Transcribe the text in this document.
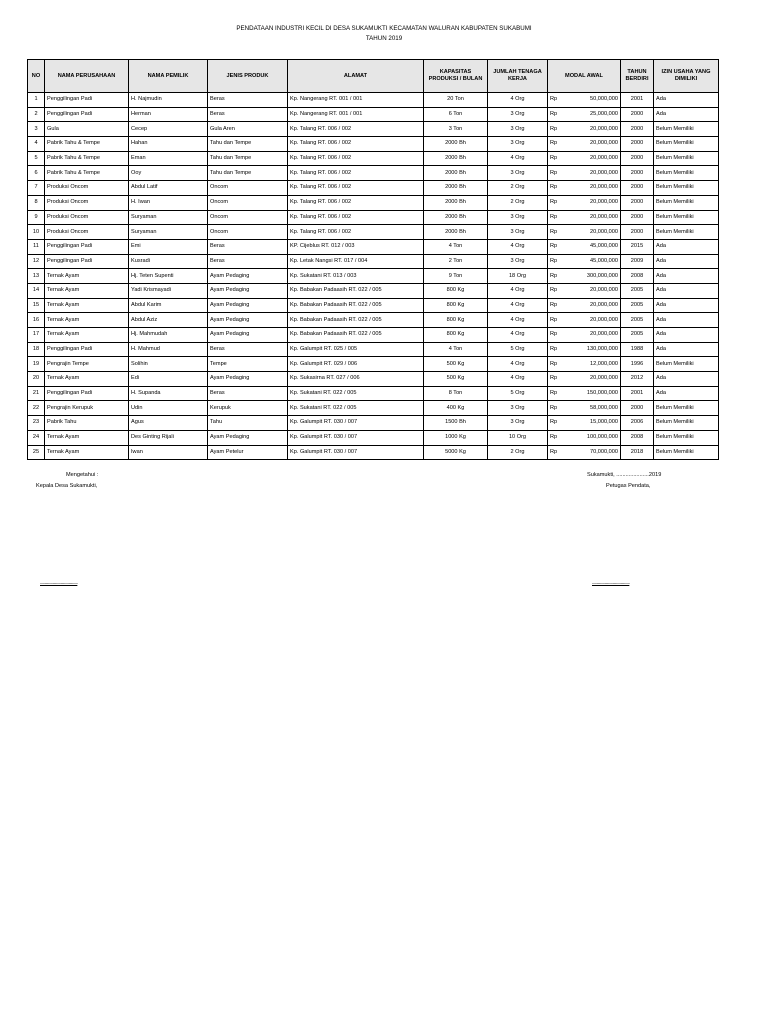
PENDATAAN INDUSTRI KECIL DI DESA SUKAMUKTI KECAMATAN WALURAN KABUPATEN SUKABUMI
TAHUN 2019
NO	NAMA PERUSAHAAN	NAMA PEMILIK	JENIS PRODUK	ALAMAT	KAPASITAS PRODUKSI / BULAN	JUMLAH TENAGA KERJA	MODAL AWAL	TAHUN BERDIRI	IZIN USAHA YANG DIMILIKI
1	Penggilingan Padi	H. Najmudin	Beras	Kp. Nangerang RT. 001 / 001	20 Ton	4 Org	Rp 50,000,000	2001	Ada
2	Penggilingan Padi	Herman	Beras	Kp. Nangerang RT. 001 / 001	6 Ton	3 Org	Rp 25,000,000	2000	Ada
3	Gula	Cecep	Gula Aren	Kp. Talang RT. 006 / 002	3 Ton	3 Org	Rp 20,000,000	2000	Belum Memiliki
4	Pabrik Tahu & Tempe	Hahan	Tahu dan Tempe	Kp. Talang RT. 006 / 002	2000 Bh	3 Org	Rp 20,000,000	2000	Belum Memiliki
5	Pabrik Tahu & Tempe	Eman	Tahu dan Tempe	Kp. Talang RT. 006 / 002	2000 Bh	4 Org	Rp 20,000,000	2000	Belum Memiliki
6	Pabrik Tahu & Tempe	Ooy	Tahu dan Tempe	Kp. Talang RT. 006 / 002	2000 Bh	3 Org	Rp 20,000,000	2000	Belum Memiliki
7	Produksi Oncom	Abdul Latif	Oncom	Kp. Talang RT. 006 / 002	2000 Bh	2 Org	Rp 20,000,000	2000	Belum Memiliki
8	Produksi Oncom	H. Iwan	Oncom	Kp. Talang RT. 006 / 002	2000 Bh	2 Org	Rp 20,000,000	2000	Belum Memiliki
9	Produksi Oncom	Suryaman	Oncom	Kp. Talang RT. 006 / 002	2000 Bh	3 Org	Rp 20,000,000	2000	Belum Memiliki
10	Produksi Oncom	Suryaman	Oncom	Kp. Talang RT. 006 / 002	2000 Bh	3 Org	Rp 20,000,000	2000	Belum Memiliki
11	Penggilingan Padi	Emi	Beras	KP. Cijeblus RT. 012 / 003	4 Ton	4 Org	Rp 45,000,000	2015	Ada
12	Penggilingan Padi	Kusradi	Beras	Kp. Letak Nangsi RT. 017 / 004	2 Ton	3 Org	Rp 45,000,000	2009	Ada
13	Ternak Ayam	Hj. Teten Supenti	Ayam Pedaging	Kp. Sukatani RT. 013 / 003	9 Ton	18 Org	Rp 300,000,000	2008	Ada
14	Ternak Ayam	Yadi Krismayadi	Ayam Pedaging	Kp. Babakan Padaasih RT. 022 / 005	800 Kg	4 Org	Rp 20,000,000	2005	Ada
15	Ternak Ayam	Abdul Karim	Ayam Pedaging	Kp. Babakan Padaasih RT. 022 / 005	800 Kg	4 Org	Rp 20,000,000	2005	Ada
16	Ternak Ayam	Abdul Aziz	Ayam Pedaging	Kp. Babakan Padaasih RT. 022 / 005	800 Kg	4 Org	Rp 20,000,000	2005	Ada
17	Ternak Ayam	Hj. Mahmudah	Ayam Pedaging	Kp. Babakan Padaasih RT. 022 / 005	800 Kg	4 Org	Rp 20,000,000	2005	Ada
18	Penggilingan Padi	H. Mahmud	Beras	Kp. Galumpit RT. 025 / 005	4 Ton	5 Org	Rp 130,000,000	1988	Ada
19	Pengrajin Tempe	Solihin	Tempe	Kp. Galumpit RT. 029 / 006	500 Kg	4 Org	Rp 12,000,000	1996	Belum Memiliki
20	Ternak Ayam	Edi	Ayam Pedaging	Kp. Sukasirna RT. 027 / 006	500 Kg	4 Org	Rp 20,000,000	2012	Ada
21	Penggilingan Padi	H. Supanda	Beras	Kp. Sukatani RT. 022 / 005	8 Ton	5 Org	Rp 150,000,000	2001	Ada
22	Pengrajin Kerupuk	Udin	Kerupuk	Kp. Sukatani RT. 022 / 005	400 Kg	3 Org	Rp 58,000,000	2000	Belum Memiliki
23	Pabrik Tahu	Agus	Tahu	Kp. Galumpit RT. 030 / 007	1500 Bh	3 Org	Rp 15,000,000	2006	Belum Memiliki
24	Ternak Ayam	Des Ginting Rijali	Ayam Pedaging	Kp. Galumpit RT. 030 / 007	1000 Kg	10 Org	Rp 100,000,000	2008	Belum Memiliki
25	Ternak Ayam	Iwan	Ayam Petelur	Kp. Galumpit RT. 030 / 007	5000 Kg	2 Org	Rp 70,000,000	2018	Belum Memiliki
Mengetahui :
Kepala Desa Sukamukti,
Sukamukti, .....................2019
Petugas Pendata,
..........................................	..........................................
